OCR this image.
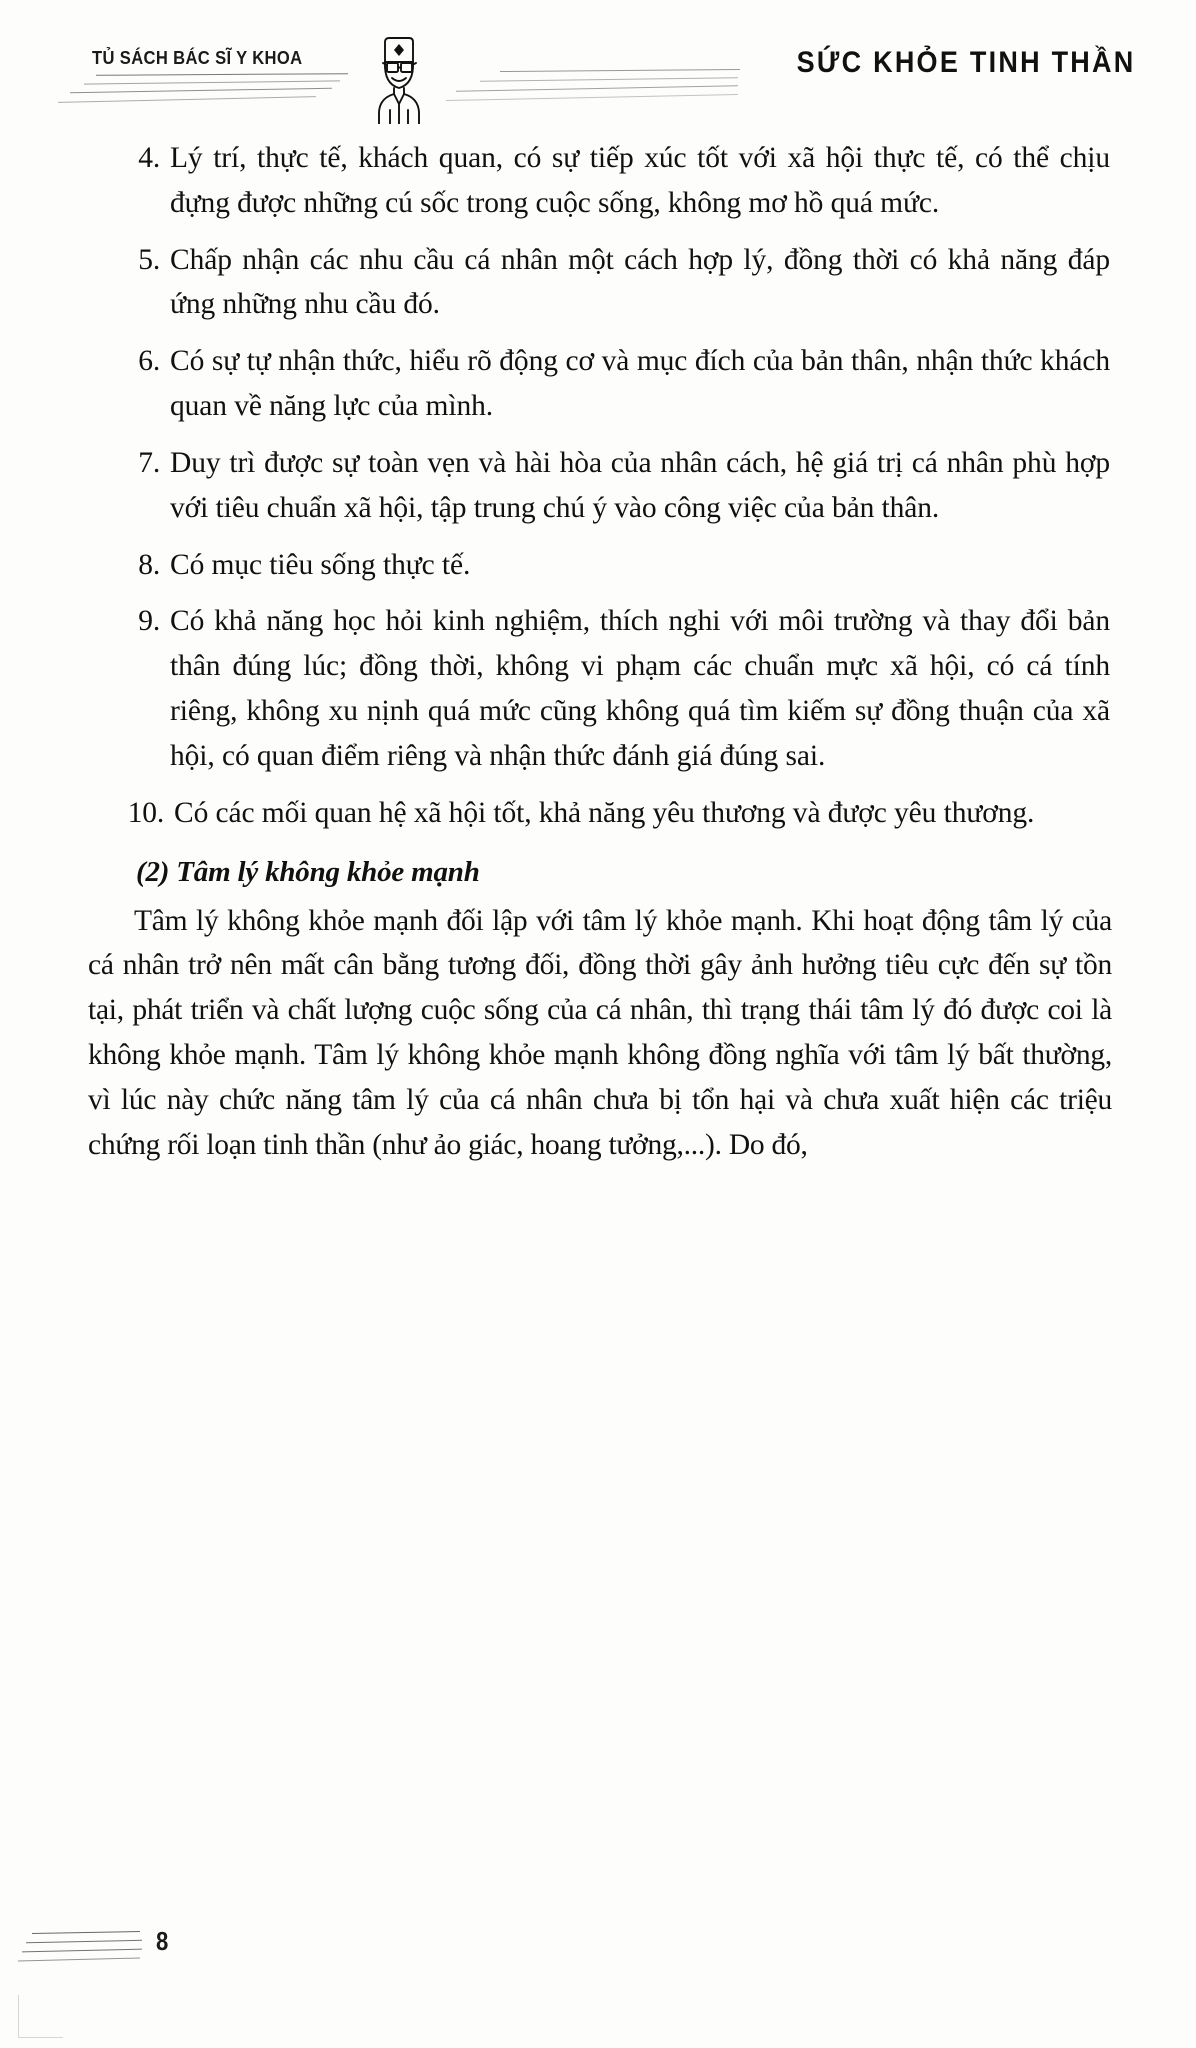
TỦ SÁCH BÁC SĨ Y KHOA	SỨC KHỎE TINH THẦN
4. Lý trí, thực tế, khách quan, có sự tiếp xúc tốt với xã hội thực tế, có thể chịu đựng được những cú sốc trong cuộc sống, không mơ hồ quá mức.
5. Chấp nhận các nhu cầu cá nhân một cách hợp lý, đồng thời có khả năng đáp ứng những nhu cầu đó.
6. Có sự tự nhận thức, hiểu rõ động cơ và mục đích của bản thân, nhận thức khách quan về năng lực của mình.
7. Duy trì được sự toàn vẹn và hài hòa của nhân cách, hệ giá trị cá nhân phù hợp với tiêu chuẩn xã hội, tập trung chú ý vào công việc của bản thân.
8. Có mục tiêu sống thực tế.
9. Có khả năng học hỏi kinh nghiệm, thích nghi với môi trường và thay đổi bản thân đúng lúc; đồng thời, không vi phạm các chuẩn mực xã hội, có cá tính riêng, không xu nịnh quá mức cũng không quá tìm kiếm sự đồng thuận của xã hội, có quan điểm riêng và nhận thức đánh giá đúng sai.
10. Có các mối quan hệ xã hội tốt, khả năng yêu thương và được yêu thương.
(2) Tâm lý không khỏe mạnh

Tâm lý không khỏe mạnh đối lập với tâm lý khỏe mạnh. Khi hoạt động tâm lý của cá nhân trở nên mất cân bằng tương đối, đồng thời gây ảnh hưởng tiêu cực đến sự tồn tại, phát triển và chất lượng cuộc sống của cá nhân, thì trạng thái tâm lý đó được coi là không khỏe mạnh. Tâm lý không khỏe mạnh không đồng nghĩa với tâm lý bất thường, vì lúc này chức năng tâm lý của cá nhân chưa bị tổn hại và chưa xuất hiện các triệu chứng rối loạn tinh thần (như ảo giác, hoang tưởng,...). Do đó,

8
